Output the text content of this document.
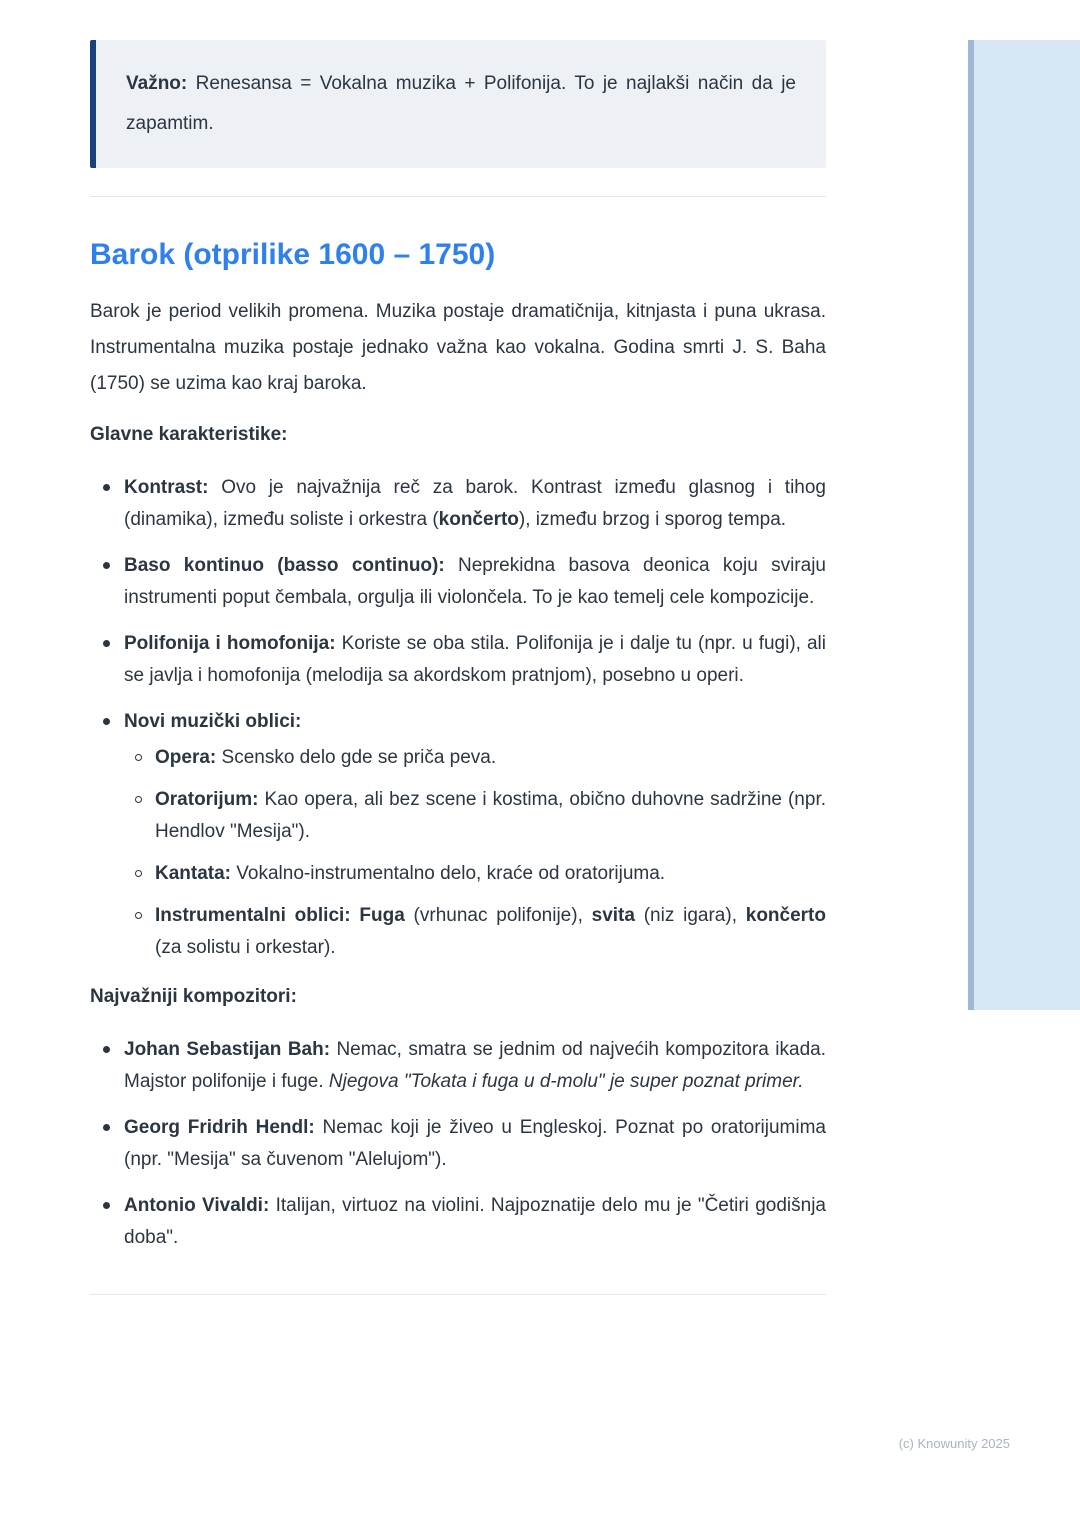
Važno: Renesansa = Vokalna muzika + Polifonija. To je najlakši način da je zapamtim.
Barok (otprilike 1600 – 1750)

Barok je period velikih promena. Muzika postaje dramatičnija, kitnjasta i puna ukrasa. Instrumentalna muzika postaje jednako važna kao vokalna. Godina smrti J. S. Baha (1750) se uzima kao kraj baroka.

Glavne karakteristike:
Kontrast: Ovo je najvažnija reč za barok. Kontrast između glasnog i tihog (dinamika), između soliste i orkestra (končerto), između brzog i sporog tempa.
Baso kontinuo (basso continuo): Neprekidna basova deonica koju sviraju instrumenti poput čembala, orgulja ili violončela. To je kao temelj cele kompozicije.
Polifonija i homofonija: Koriste se oba stila. Polifonija je i dalje tu (npr. u fugi), ali se javlja i homofonija (melodija sa akordskom pratnjom), posebno u operi.
Novi muzički oblici:
Opera: Scensko delo gde se priča peva.
Oratorijum: Kao opera, ali bez scene i kostima, obično duhovne sadržine (npr. Hendlov "Mesija").
Kantata: Vokalno-instrumentalno delo, kraće od oratorijuma.
Instrumentalni oblici: Fuga (vrhunac polifonije), svita (niz igara), končerto (za solistu i orkestar).
Najvažniji kompozitori:
Johan Sebastijan Bah: Nemac, smatra se jednim od najvećih kompozitora ikada. Majstor polifonije i fuge. Njegova "Tokata i fuga u d-molu" je super poznat primer.
Georg Fridrih Hendl: Nemac koji je živeo u Engleskoj. Poznat po oratorijumima (npr. "Mesija" sa čuvenom "Alelujom").
Antonio Vivaldi: Italijan, virtuoz na violini. Najpoznatije delo mu je "Četiri godišnja doba".
(c) Knowunity 2025
